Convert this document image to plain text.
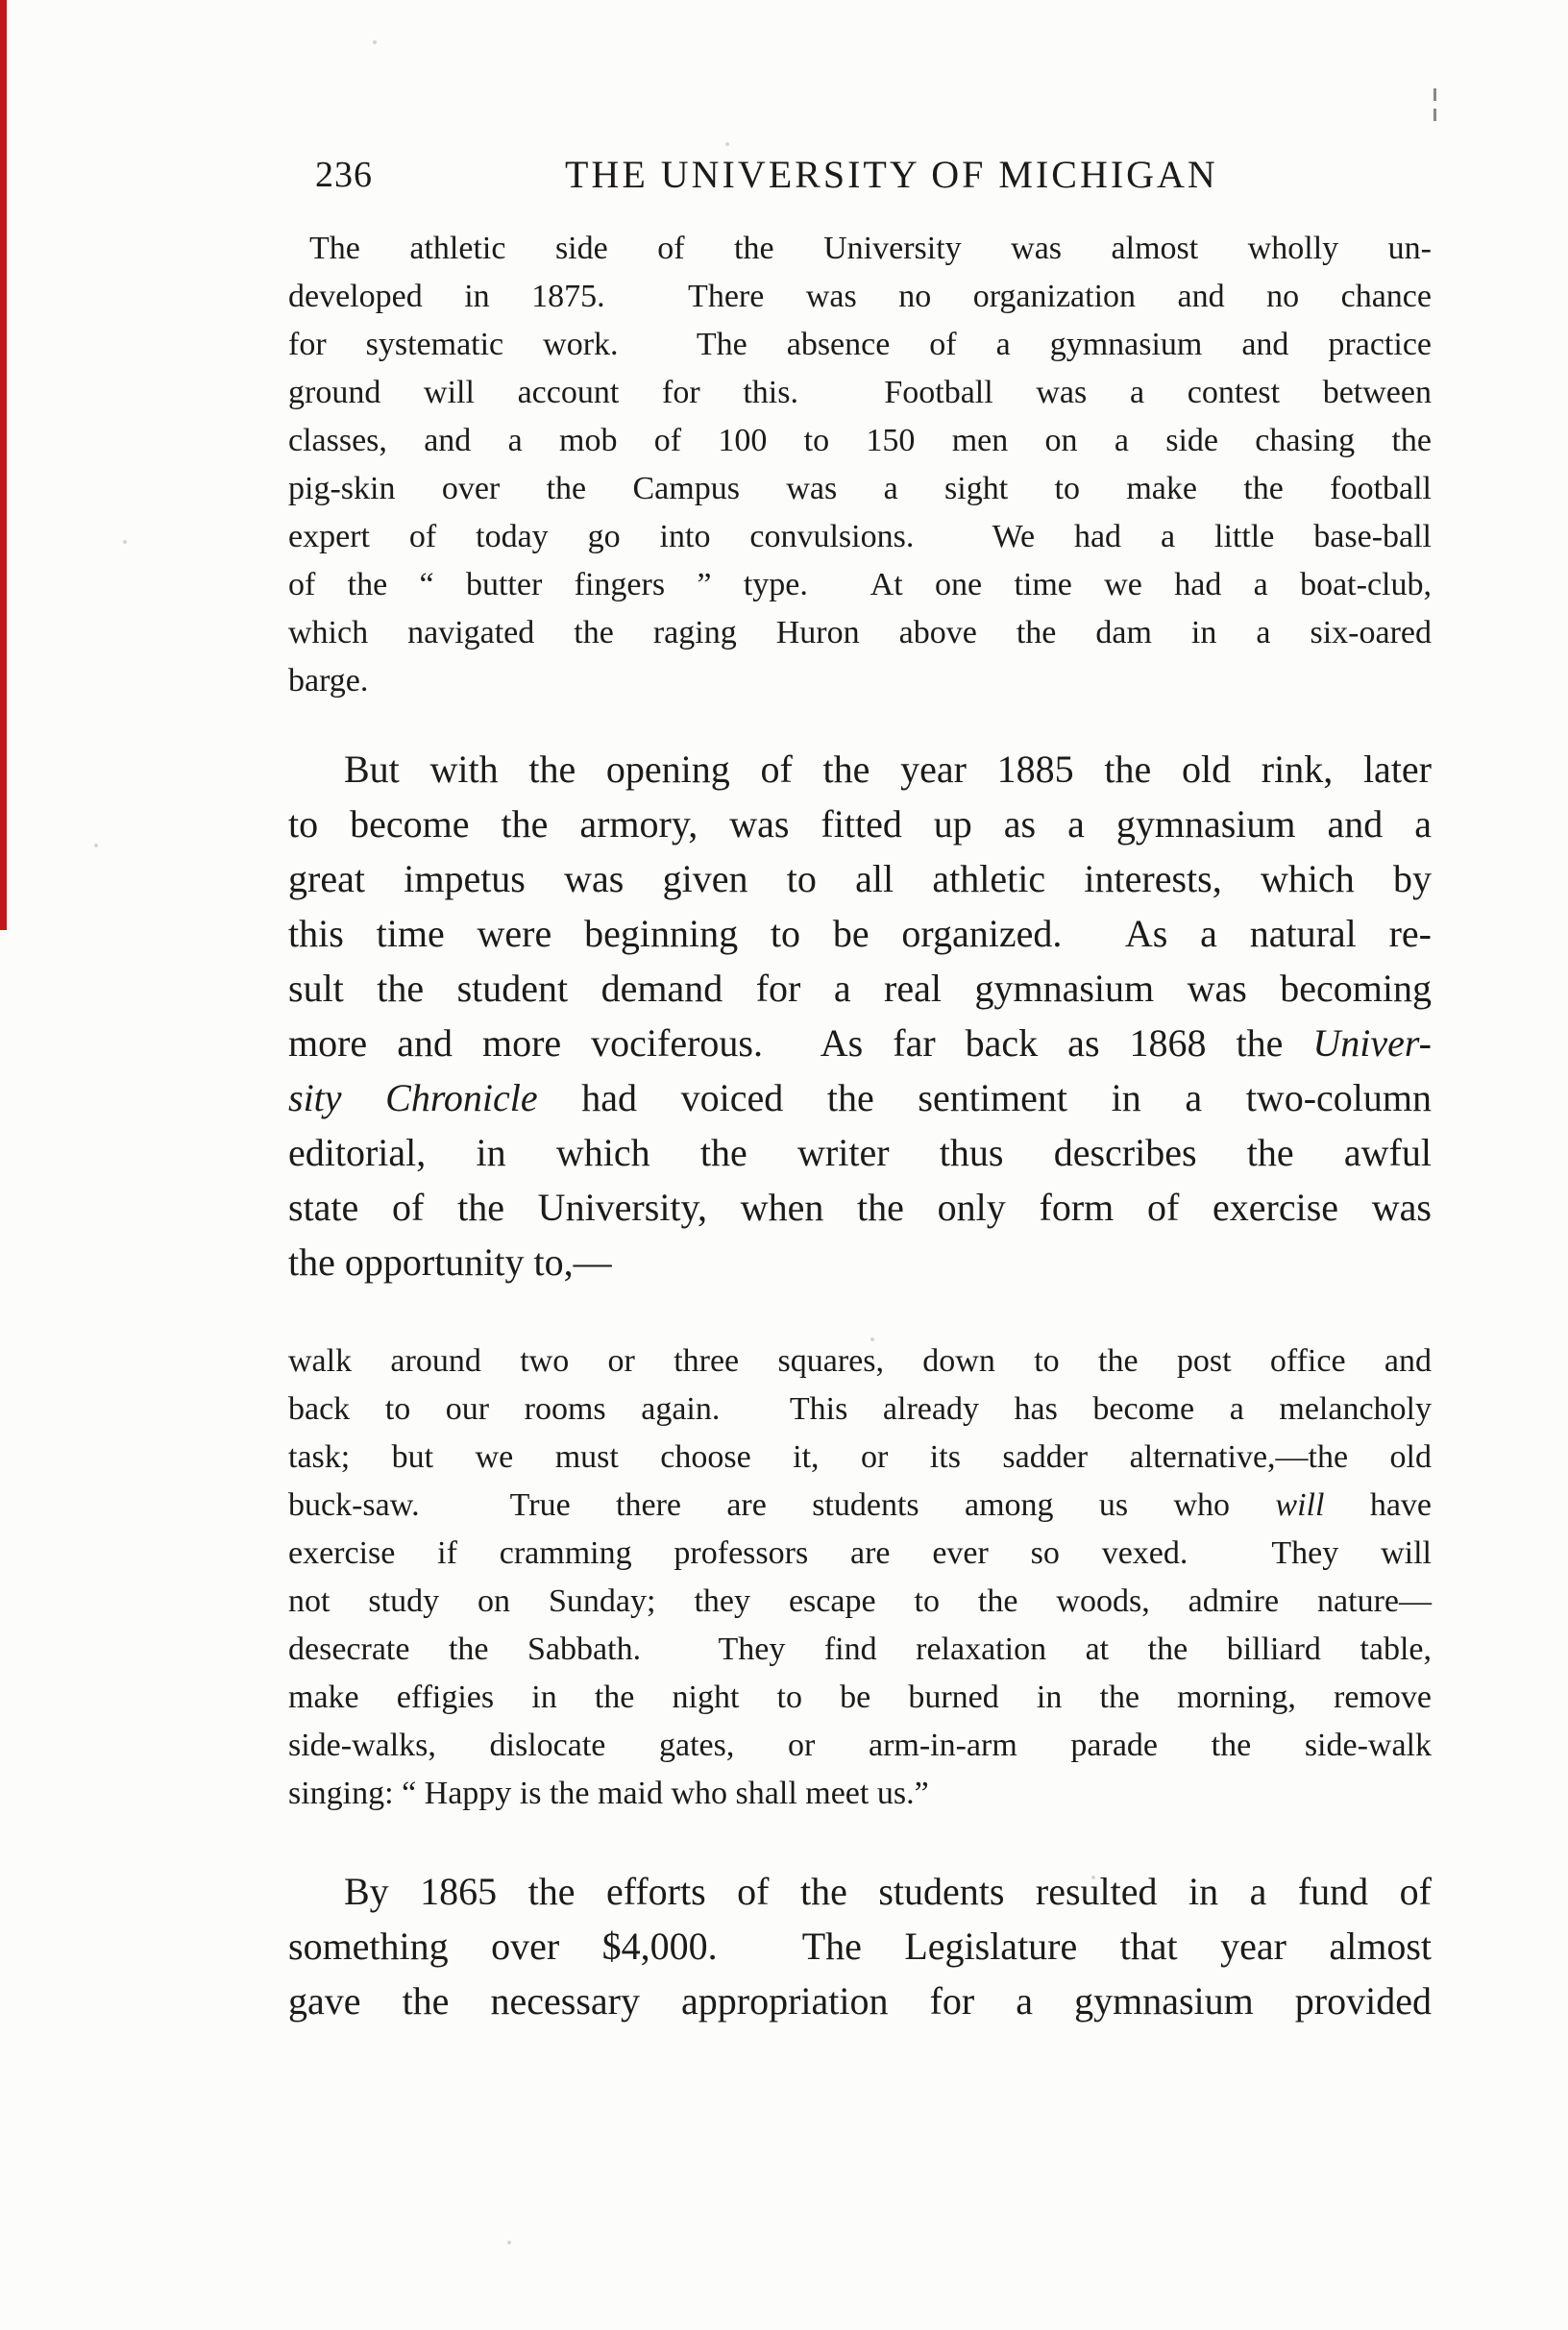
236	THE UNIVERSITY OF MICHIGAN
The athletic side of the University was almost wholly un-
developed in 1875.  There was no organization and no chance
for systematic work.  The absence of a gymnasium and practice
ground will account for this.  Football was a contest between
classes, and a mob of 100 to 150 men on a side chasing the
pig-skin over the Campus was a sight to make the football
expert of today go into convulsions.  We had a little base-ball
of the “ butter fingers ” type.  At one time we had a boat-club,
which navigated the raging Huron above the dam in a six-oared
barge.
But with the opening of the year 1885 the old rink, later
to become the armory, was fitted up as a gymnasium and a
great impetus was given to all athletic interests, which by
this time were beginning to be organized.  As a natural re-
sult the student demand for a real gymnasium was becoming
more and more vociferous.  As far back as 1868 the Univer-
sity Chronicle had voiced the sentiment in a two-column
editorial, in which the writer thus describes the awful
state of the University, when the only form of exercise was
the opportunity to,—
walk around two or three squares, down to the post office and
back to our rooms again.  This already has become a melancholy
task; but we must choose it, or its sadder alternative,—the old
buck-saw.  True there are students among us who will have
exercise if cramming professors are ever so vexed.  They will
not study on Sunday; they escape to the woods, admire nature—
desecrate the Sabbath.  They find relaxation at the billiard table,
make effigies in the night to be burned in the morning, remove
side-walks, dislocate gates, or arm-in-arm parade the side-walk
singing: “ Happy is the maid who shall meet us.”
By 1865 the efforts of the students resulted in a fund of
something over $4,000.  The Legislature that year almost
gave the necessary appropriation for a gymnasium provided
